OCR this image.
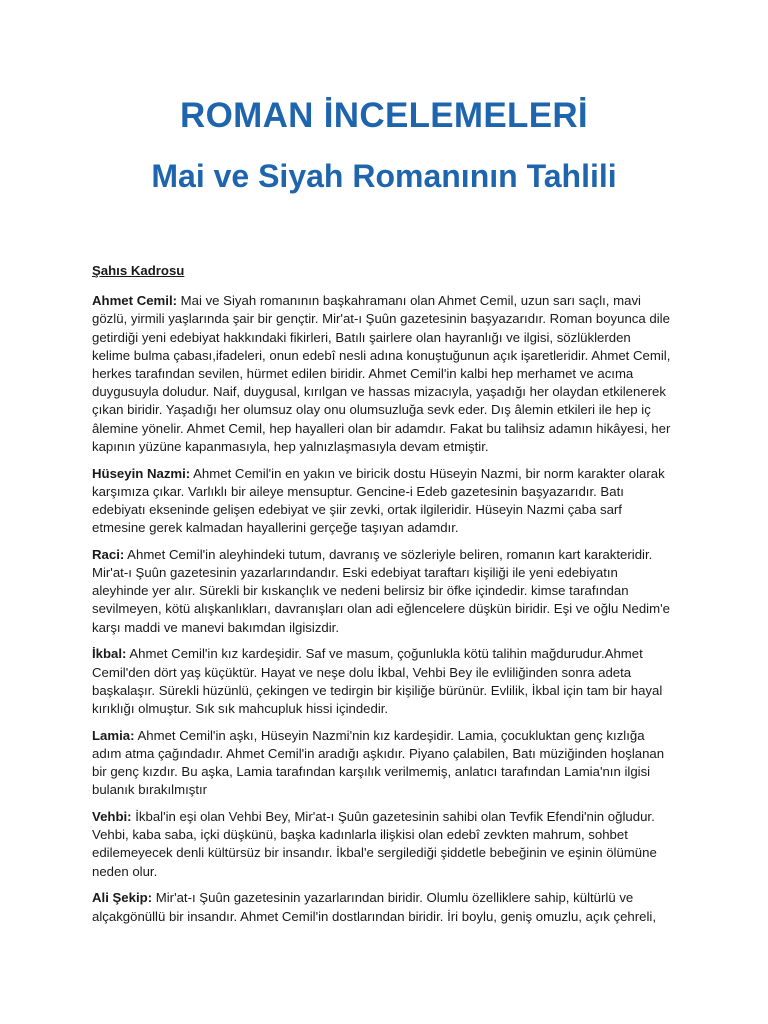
ROMAN İNCELEMELERİ
Mai ve Siyah Romanının Tahlili

Şahıs Kadrosu

Ahmet Cemil: Mai ve Siyah romanının başkahramanı olan Ahmet Cemil, uzun sarı saçlı, mavi gözlü, yirmili yaşlarında şair bir gençtir. Mir'at-ı Şuûn gazetesinin başyazarıdır. Roman boyunca dile getirdiği yeni edebiyat hakkındaki fikirleri, Batılı şairlere olan hayranlığı ve ilgisi, sözlüklerden kelime bulma çabası,ifadeleri, onun edebî nesli adına konuştuğunun açık işaretleridir. Ahmet Cemil, herkes tarafından sevilen, hürmet edilen biridir. Ahmet Cemil'in kalbi hep merhamet ve acıma duygusuyla doludur. Naif, duygusal, kırılgan ve hassas mizacıyla, yaşadığı her olaydan etkilenerek çıkan biridir. Yaşadığı her olumsuz olay onu olumsuzluğa sevk eder. Dış âlemin etkileri ile hep iç âlemine yönelir. Ahmet Cemil, hep hayalleri olan bir adamdır. Fakat bu talihsiz adamın hikâyesi, her kapının yüzüne kapanmasıyla, hep yalnızlaşmasıyla devam etmiştir.

Hüseyin Nazmi: Ahmet Cemil'in en yakın ve biricik dostu Hüseyin Nazmi, bir norm karakter olarak karşımıza çıkar. Varlıklı bir aileye mensuptur. Gencine-i Edeb gazetesinin başyazarıdır. Batı edebiyatı ekseninde gelişen edebiyat ve şiir zevki, ortak ilgileridir. Hüseyin Nazmi çaba sarf etmesine gerek kalmadan hayallerini gerçeğe taşıyan adamdır.

Raci: Ahmet Cemil'in aleyhindeki tutum, davranış ve sözleriyle beliren, romanın kart karakteridir. Mir'at-ı Şuûn gazetesinin yazarlarındandır. Eski edebiyat taraftarı kişiliği ile yeni edebiyatın aleyhinde yer alır. Sürekli bir kıskançlık ve nedeni belirsiz bir öfke içindedir. kimse tarafından sevilmeyen, kötü alışkanlıkları, davranışları olan adi eğlencelere düşkün biridir. Eşi ve oğlu Nedim'e karşı maddi ve manevi bakımdan ilgisizdir.

İkbal: Ahmet Cemil'in kız kardeşidir. Saf ve masum, çoğunlukla kötü talihin mağdurudur.Ahmet Cemil'den dört yaş küçüktür. Hayat ve neşe dolu İkbal, Vehbi Bey ile evliliğinden sonra adeta başkalaşır. Sürekli hüzünlü, çekingen ve tedirgin bir kişiliğe bürünür. Evlilik, İkbal için tam bir hayal kırıklığı olmuştur. Sık sık mahcupluk hissi içindedir.

Lamia: Ahmet Cemil'in aşkı, Hüseyin Nazmi'nin kız kardeşidir. Lamia, çocukluktan genç kızlığa adım atma çağındadır. Ahmet Cemil'in aradığı aşkıdır. Piyano çalabilen, Batı müziğinden hoşlanan bir genç kızdır. Bu aşka, Lamia tarafından karşılık verilmemiş, anlatıcı tarafından Lamia'nın ilgisi bulanık bırakılmıştır

Vehbi: İkbal'in eşi olan Vehbi Bey, Mir'at-ı Şuûn gazetesinin sahibi olan Tevfik Efendi'nin oğludur. Vehbi, kaba saba, içki düşkünü, başka kadınlarla ilişkisi olan edebî zevkten mahrum, sohbet edilemeyecek denli kültürsüz bir insandır. İkbal'e sergilediği şiddetle bebeğinin ve eşinin ölümüne neden olur.

Ali Şekip: Mir'at-ı Şuûn gazetesinin yazarlarından biridir. Olumlu özelliklere sahip, kültürlü ve alçakgönüllü bir insandır. Ahmet Cemil'in dostlarından biridir. İri boylu, geniş omuzlu, açık çehreli,
